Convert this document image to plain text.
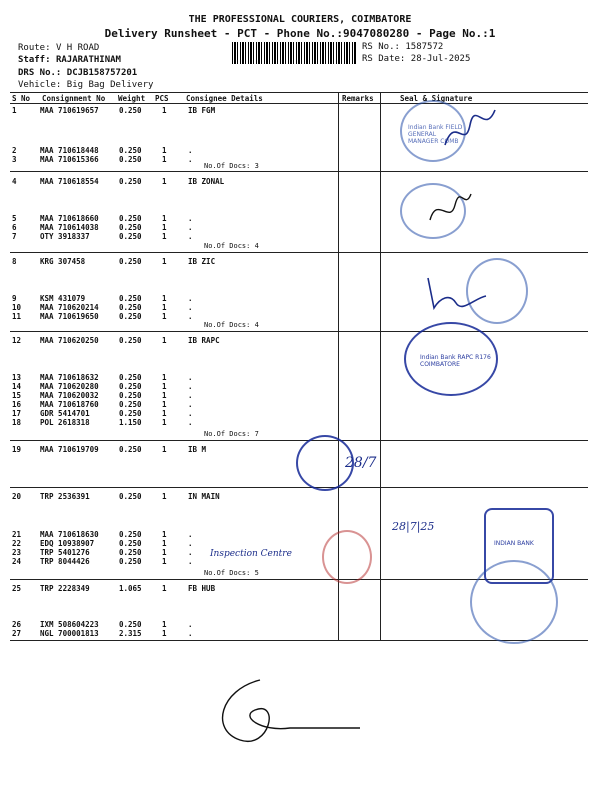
THE PROFESSIONAL COURIERS, COIMBATORE
Delivery Runsheet - PCT - Phone No.:9047080280 - Page No.:1
Route: V H ROAD
Staff: RAJARATHINAM
DRS No.: DCJB158757201
Vehicle: Big Bag Delivery
RS No.: 1587572
RS Date: 28-Jul-2025
S No Consignment No Weight PCS Consignee Details	Remarks	Seal & Signature
1	MAA 710619657	0.250	1	IB FGM
2	MAA 710618448	0.250	1	.
3	MAA 710615366	0.250	1	.
4	MAA 710618554	0.250	1	IB ZONAL
5	MAA 710618660	0.250	1	.
6	MAA 710614038	0.250	1	.
7	OTY 3918337	0.250	1	.
8	KRG 307458	0.250	1	IB ZIC
9	KSM 431079	0.250	1	.
10	MAA 710620214	0.250	1	.
11	MAA 710619650	0.250	1	.
12	MAA 710620250	0.250	1	IB RAPC
13	MAA 710618632	0.250	1	.
14	MAA 710620280	0.250	1	.
15	MAA 710620032	0.250	1	.
16	MAA 710618760	0.250	1	.
17	GDR 5414701	0.250	1	.
18	POL 2618318	1.150	1	.
19	MAA 710619709	0.250	1	IB M
20	TRP 2536391	0.250	1	IN MAIN
21	MAA 710618630	0.250	1	.
22	EDQ 10938907	0.250	1	.
23	TRP 5401276	0.250	1	.
24	TRP 8044426	0.250	1	.
25	TRP 2228349	1.065	1	FB HUB
26	IXM 508604223	0.250	1	.
27	NGL 700001813	2.315	1	.
No.Of Docs: 3
No.Of Docs: 4
No.Of Docs: 4
No.Of Docs: 7
No.Of Docs: 5
Indian Bank FIELD GENERAL MANAGER COMB
Indian Bank RAPC R176 COIMBATORE
28/7
28|7|25
Inspection Centre
INDIAN BANK
